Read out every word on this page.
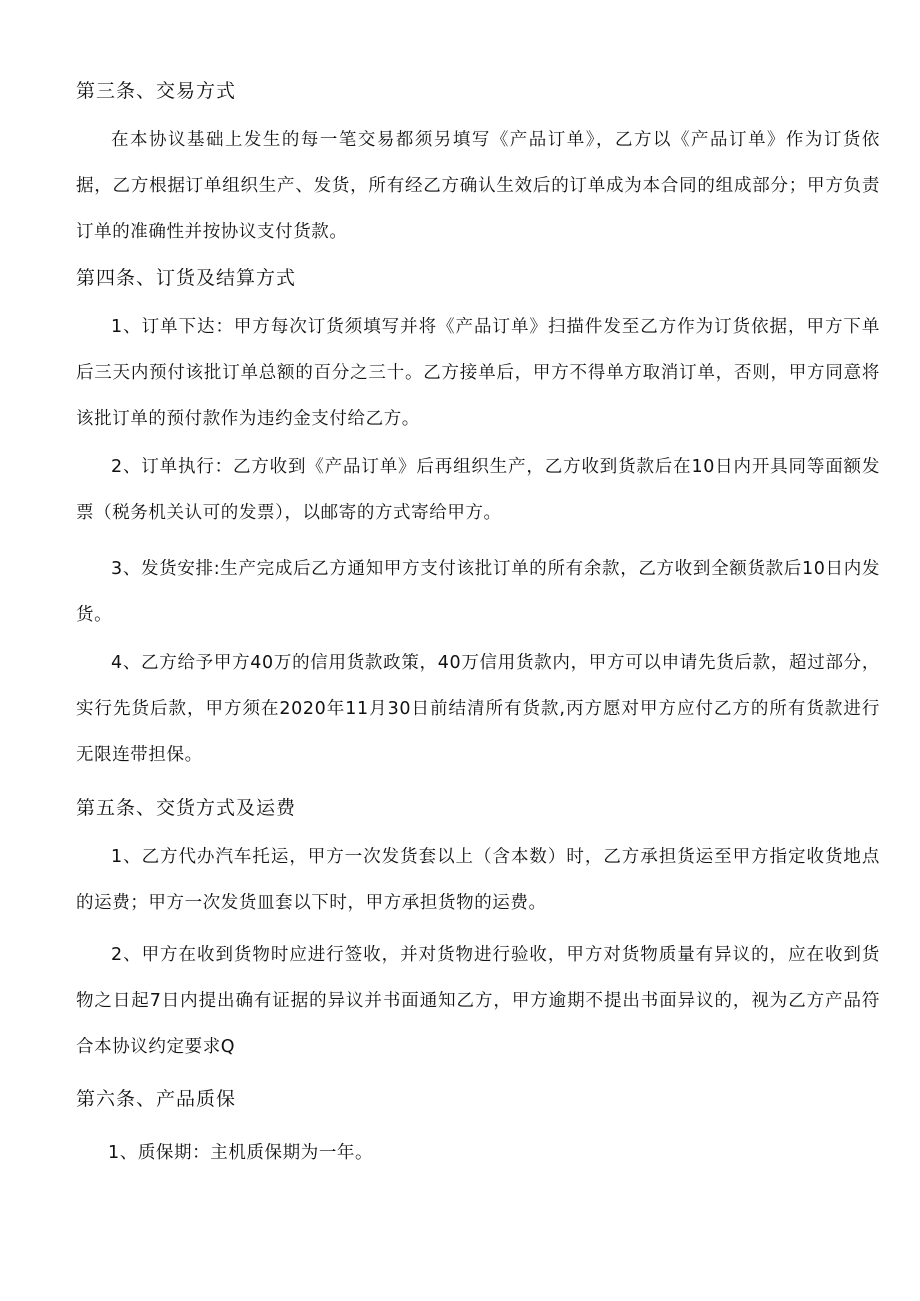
第三条、交易方式

在本协议基础上发生的每一笔交易都须另填写《产品订单》，乙方以《产品订单》作为订货依据，乙方根据订单组织生产、发货，所有经乙方确认生效后的订单成为本合同的组成部分；甲方负责订单的准确性并按协议支付货款。

第四条、订货及结算方式

1、订单下达：甲方每次订货须填写并将《产品订单》扫描件发至乙方作为订货依据，甲方下单后三天内预付该批订单总额的百分之三十。乙方接单后，甲方不得单方取消订单，否则，甲方同意将该批订单的预付款作为违约金支付给乙方。

2、订单执行：乙方收到《产品订单》后再组织生产，乙方收到货款后在10日内开具同等面额发票（税务机关认可的发票），以邮寄的方式寄给甲方。

3、发货安排:生产完成后乙方通知甲方支付该批订单的所有余款，乙方收到全额货款后10日内发货。

4、乙方给予甲方40万的信用货款政策，40万信用货款内，甲方可以申请先货后款，超过部分，实行先货后款，甲方须在2020年11月30日前结清所有货款,丙方愿对甲方应付乙方的所有货款进行无限连带担保。

第五条、交货方式及运费

1、乙方代办汽车托运，甲方一次发货套以上（含本数）时，乙方承担货运至甲方指定收货地点的运费；甲方一次发货皿套以下时，甲方承担货物的运费。

2、甲方在收到货物时应进行签收，并对货物进行验收，甲方对货物质量有异议的，应在收到货物之日起7日内提出确有证据的异议并书面通知乙方，甲方逾期不提出书面异议的，视为乙方产品符合本协议约定要求Q

第六条、产品质保
1、质保期：主机质保期为一年。
